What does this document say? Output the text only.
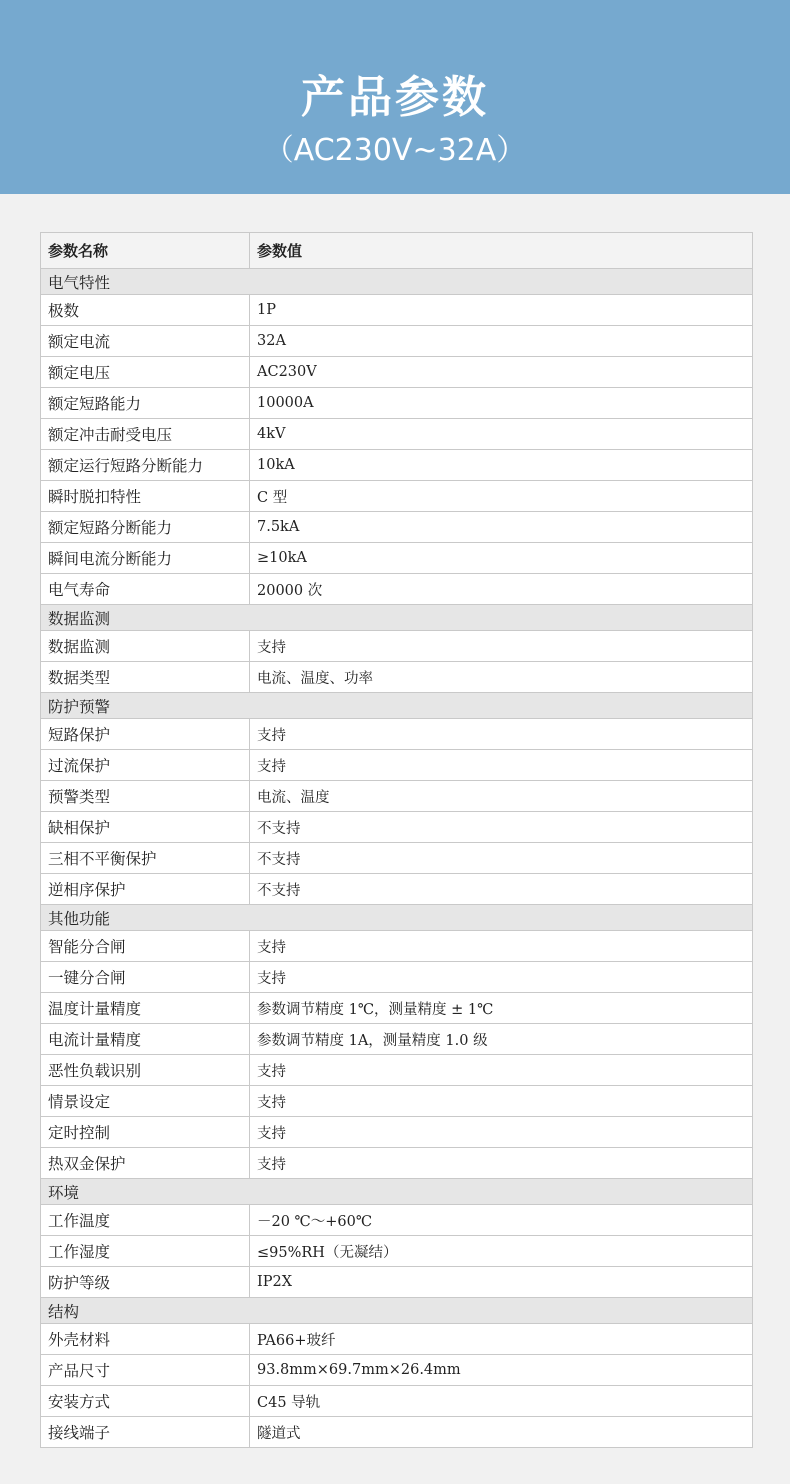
产品参数
（AC230V~32A）
参数名称	参数值
电气特性
极数	1P
额定电流	32A
额定电压	AC230V
额定短路能力	10000A
额定冲击耐受电压	4kV
额定运行短路分断能力	10kA
瞬时脱扣特性	C 型
额定短路分断能力	7.5kA
瞬间电流分断能力	≥10kA
电气寿命	20000 次
数据监测
数据监测	支持
数据类型	电流、温度、功率
防护预警
短路保护	支持
过流保护	支持
预警类型	电流、温度
缺相保护	不支持
三相不平衡保护	不支持
逆相序保护	不支持
其他功能
智能分合闸	支持
一键分合闸	支持
温度计量精度	参数调节精度 1℃，测量精度 ± 1℃
电流计量精度	参数调节精度 1A，测量精度 1.0 级
恶性负载识别	支持
情景设定	支持
定时控制	支持
热双金保护	支持
环境
工作温度	－20 ℃～+60℃
工作湿度	≤95%RH（无凝结）
防护等级	IP2X
结构
外壳材料	PA66+玻纤
产品尺寸	93.8mm×69.7mm×26.4mm
安装方式	C45 导轨
接线端子	隧道式
